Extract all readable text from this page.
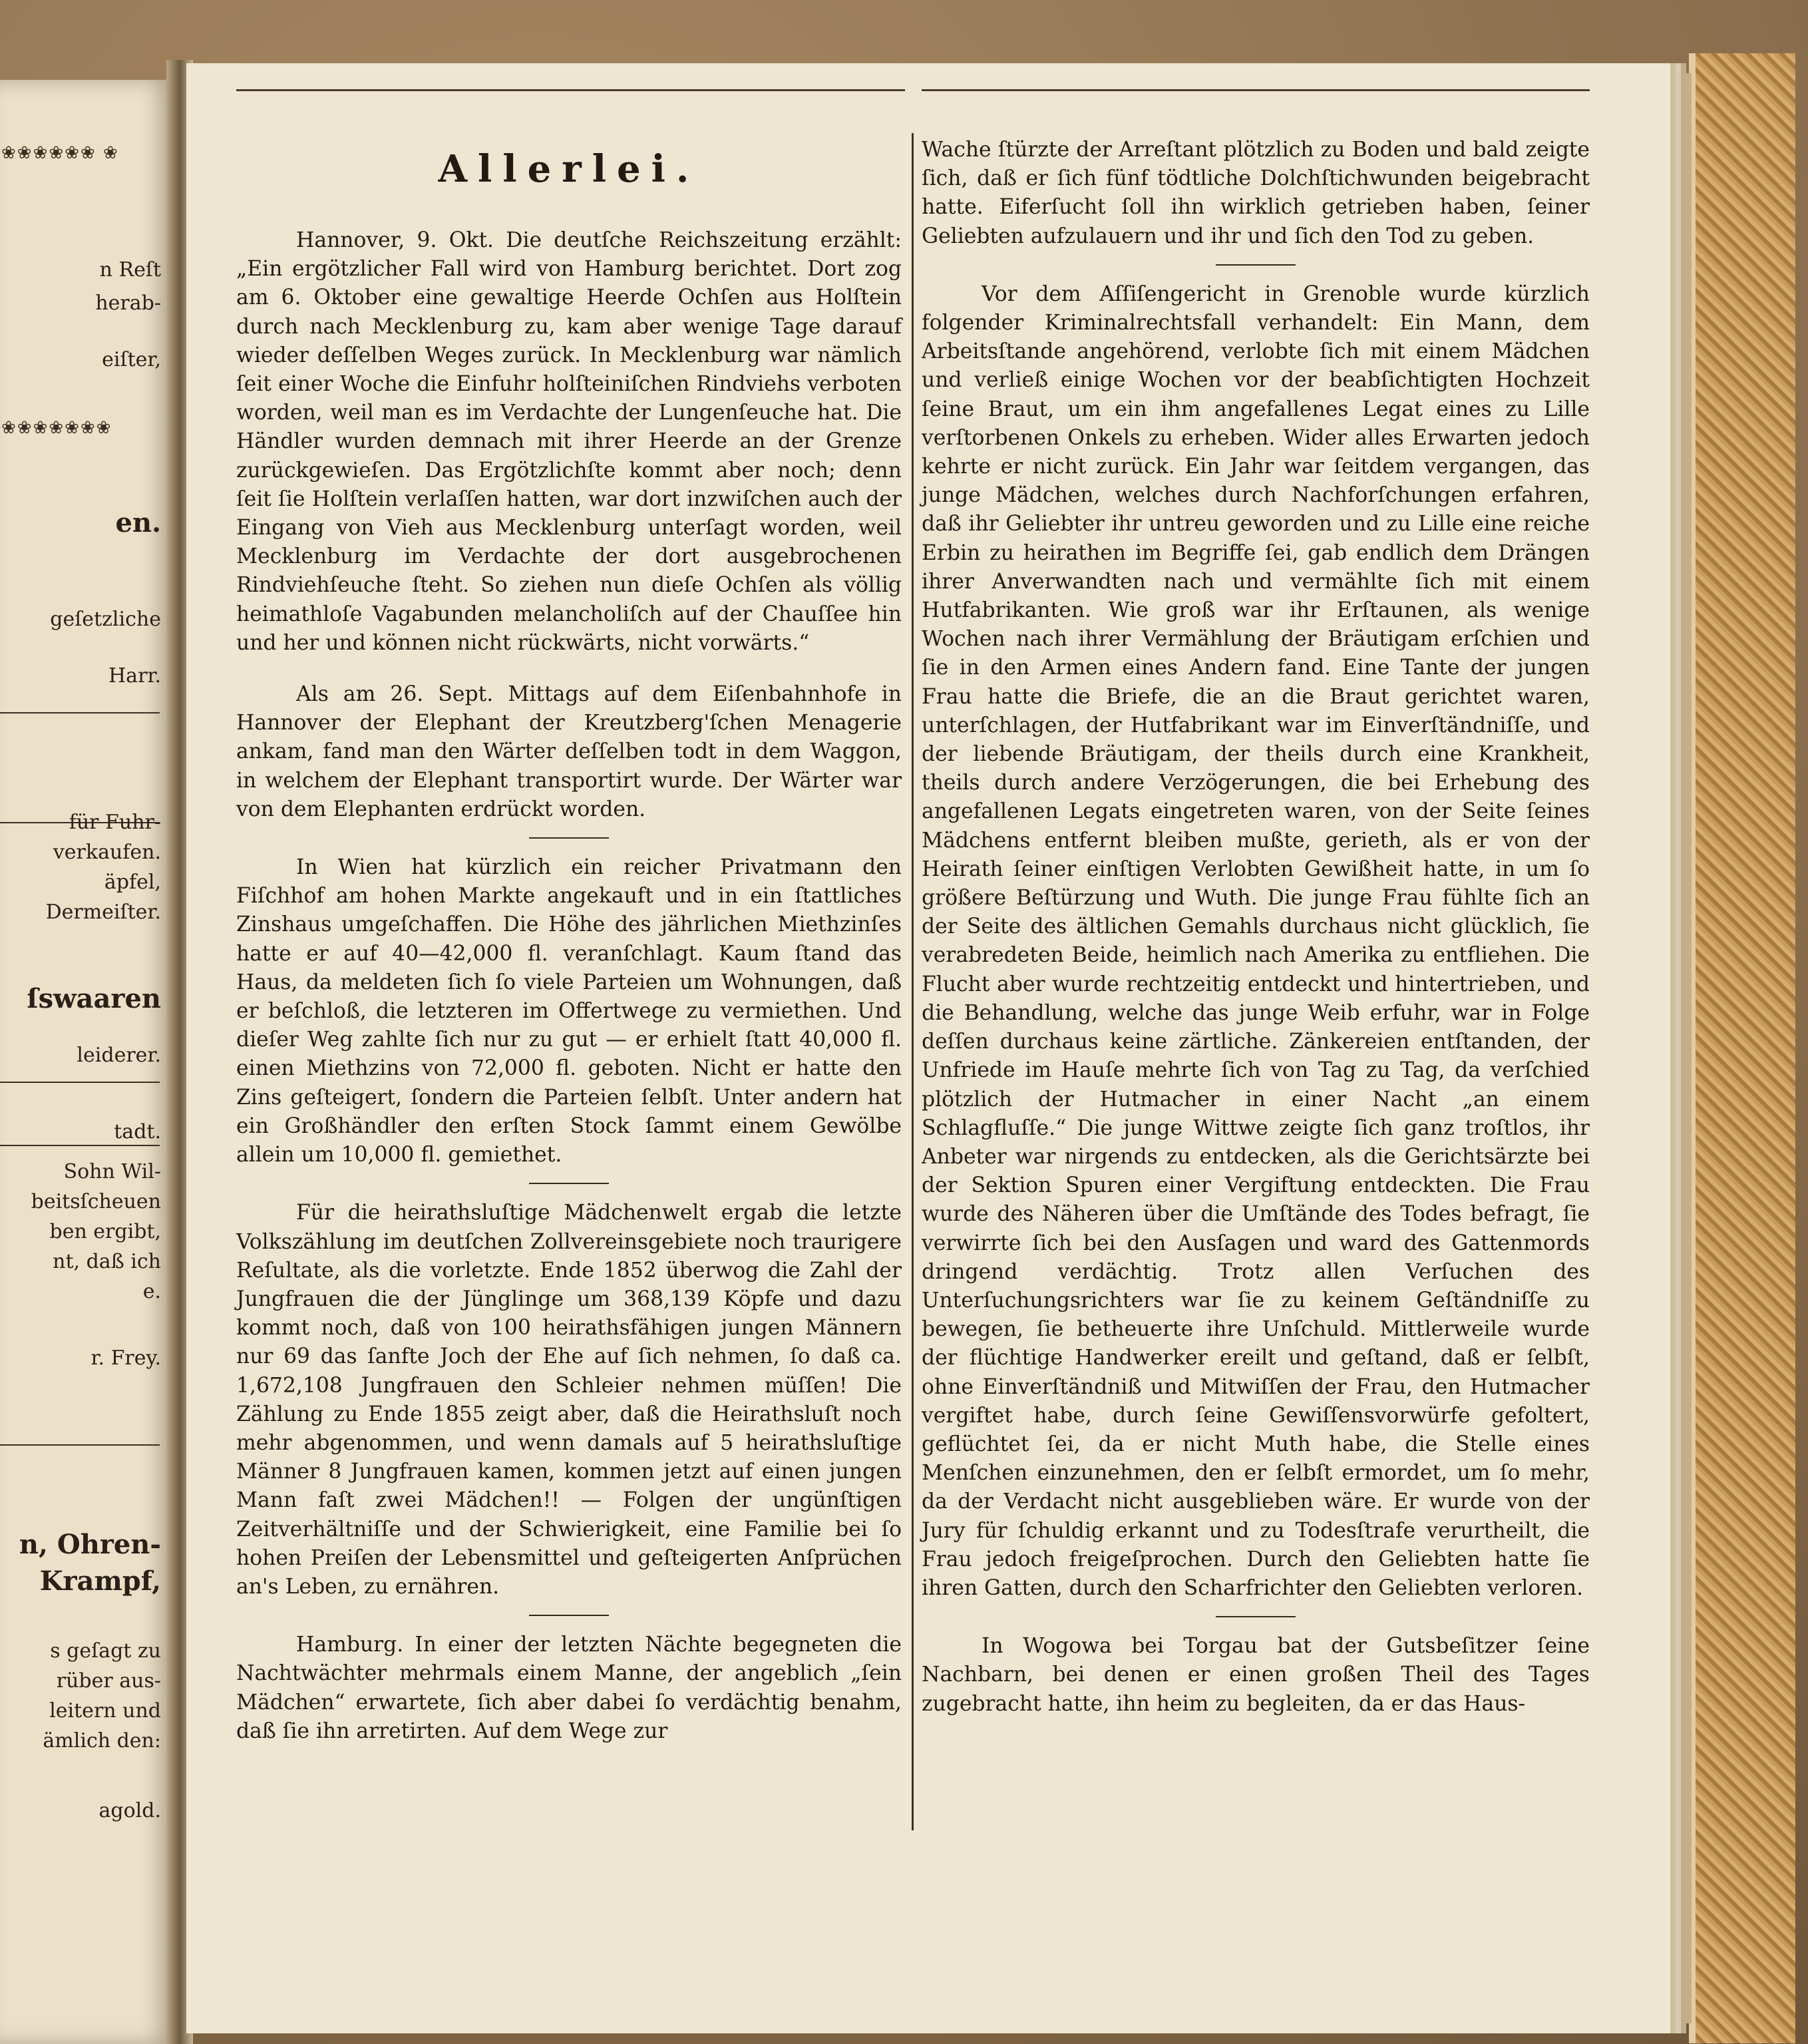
❀❀❀❀❀❀ ❀
❀❀❀❀❀❀❀
n Reſt
herab-
eiſter,
en.
geſetzliche
Harr.
für Fuhr-
verkaufen.
äpfel,
Dermeiſter.
ſswaaren
leiderer.
tadt.
Sohn Wil-
beitsſcheuen
ben ergibt,
nt, daß ich
e.
r. Frey.
n, Ohren-
Krampf,
s geſagt zu
rüber aus-
leitern und
ämlich den:
agold.
Allerlei.

Hannover, 9. Okt. Die deutſche Reichszeitung erzählt: „Ein ergötzlicher Fall wird von Hamburg berichtet. Dort zog am 6. Oktober eine gewaltige Heerde Ochſen aus Holſtein durch nach Mecklenburg zu, kam aber wenige Tage darauf wieder deſſelben Weges zurück. In Mecklenburg war nämlich ſeit einer Woche die Einfuhr holſteiniſchen Rindviehs verboten worden, weil man es im Verdachte der Lungenſeuche hat. Die Händler wurden demnach mit ihrer Heerde an der Grenze zurückgewieſen. Das Ergötzlichſte kommt aber noch; denn ſeit ſie Holſtein verlaſſen hatten, war dort inzwiſchen auch der Eingang von Vieh aus Mecklenburg unterſagt worden, weil Mecklenburg im Verdachte der dort ausgebrochenen Rindviehſeuche ſteht. So ziehen nun dieſe Ochſen als völlig heimathloſe Vagabunden melancholiſch auf der Chauſſee hin und her und können nicht rückwärts, nicht vorwärts.“

Als am 26. Sept. Mittags auf dem Eiſenbahnhofe in Hannover der Elephant der Kreutzberg'ſchen Menagerie ankam, fand man den Wärter deſſelben todt in dem Waggon, in welchem der Elephant transportirt wurde. Der Wärter war von dem Elephanten erdrückt worden.

In Wien hat kürzlich ein reicher Privatmann den Fiſchhof am hohen Markte angekauft und in ein ſtattliches Zinshaus umgeſchaffen. Die Höhe des jährlichen Miethzinſes hatte er auf 40—42,000 fl. veranſchlagt. Kaum ſtand das Haus, da meldeten ſich ſo viele Parteien um Wohnungen, daß er beſchloß, die letzteren im Offertwege zu vermiethen. Und dieſer Weg zahlte ſich nur zu gut — er erhielt ſtatt 40,000 fl. einen Miethzins von 72,000 fl. geboten. Nicht er hatte den Zins geſteigert, ſondern die Parteien ſelbſt. Unter andern hat ein Großhändler den erſten Stock ſammt einem Gewölbe allein um 10,000 fl. gemiethet.

Für die heirathsluſtige Mädchenwelt ergab die letzte Volkszählung im deutſchen Zollvereinsgebiete noch traurigere Reſultate, als die vorletzte. Ende 1852 überwog die Zahl der Jungfrauen die der Jünglinge um 368,139 Köpfe und dazu kommt noch, daß von 100 heirathsfähigen jungen Männern nur 69 das ſanfte Joch der Ehe auf ſich nehmen, ſo daß ca. 1,672,108 Jungfrauen den Schleier nehmen müſſen! Die Zählung zu Ende 1855 zeigt aber, daß die Heirathsluſt noch mehr abgenommen, und wenn damals auf 5 heirathsluſtige Männer 8 Jungfrauen kamen, kommen jetzt auf einen jungen Mann faſt zwei Mädchen!! — Folgen der ungünſtigen Zeitverhältniſſe und der Schwierigkeit, eine Familie bei ſo hohen Preiſen der Lebensmittel und geſteigerten Anſprüchen an's Leben, zu ernähren.

Hamburg. In einer der letzten Nächte begegneten die Nachtwächter mehrmals einem Manne, der angeblich „ſein Mädchen“ erwartete, ſich aber dabei ſo verdächtig benahm, daß ſie ihn arretirten. Auf dem Wege zur

Wache ſtürzte der Arreſtant plötzlich zu Boden und bald zeigte ſich, daß er ſich fünf tödtliche Dolchſtichwunden beigebracht hatte. Eiferſucht ſoll ihn wirklich getrieben haben, ſeiner Geliebten aufzulauern und ihr und ſich den Tod zu geben.

Vor dem Aſſiſengericht in Grenoble wurde kürzlich folgender Kriminalrechtsfall verhandelt: Ein Mann, dem Arbeitsſtande angehörend, verlobte ſich mit einem Mädchen und verließ einige Wochen vor der beabſichtigten Hochzeit ſeine Braut, um ein ihm angefallenes Legat eines zu Lille verſtorbenen Onkels zu erheben. Wider alles Erwarten jedoch kehrte er nicht zurück. Ein Jahr war ſeitdem vergangen, das junge Mädchen, welches durch Nachforſchungen erfahren, daß ihr Geliebter ihr untreu geworden und zu Lille eine reiche Erbin zu heirathen im Begriffe ſei, gab endlich dem Drängen ihrer Anverwandten nach und vermählte ſich mit einem Hutfabrikanten. Wie groß war ihr Erſtaunen, als wenige Wochen nach ihrer Vermählung der Bräutigam erſchien und ſie in den Armen eines Andern fand. Eine Tante der jungen Frau hatte die Briefe, die an die Braut gerichtet waren, unterſchlagen, der Hutfabrikant war im Einverſtändniſſe, und der liebende Bräutigam, der theils durch eine Krankheit, theils durch andere Verzögerungen, die bei Erhebung des angefallenen Legats eingetreten waren, von der Seite ſeines Mädchens entfernt bleiben mußte, gerieth, als er von der Heirath ſeiner einſtigen Verlobten Gewißheit hatte, in um ſo größere Beſtürzung und Wuth. Die junge Frau fühlte ſich an der Seite des ältlichen Gemahls durchaus nicht glücklich, ſie verabredeten Beide, heimlich nach Amerika zu entfliehen. Die Flucht aber wurde rechtzeitig entdeckt und hintertrieben, und die Behandlung, welche das junge Weib erfuhr, war in Folge deſſen durchaus keine zärtliche. Zänkereien entſtanden, der Unfriede im Hauſe mehrte ſich von Tag zu Tag, da verſchied plötzlich der Hutmacher in einer Nacht „an einem Schlagfluſſe.“ Die junge Wittwe zeigte ſich ganz troſtlos, ihr Anbeter war nirgends zu entdecken, als die Gerichtsärzte bei der Sektion Spuren einer Vergiftung entdeckten. Die Frau wurde des Näheren über die Umſtände des Todes befragt, ſie verwirrte ſich bei den Ausſagen und ward des Gattenmords dringend verdächtig. Trotz allen Verſuchen des Unterſuchungsrichters war ſie zu keinem Geſtändniſſe zu bewegen, ſie betheuerte ihre Unſchuld. Mittlerweile wurde der flüchtige Handwerker ereilt und geſtand, daß er ſelbſt, ohne Einverſtändniß und Mitwiſſen der Frau, den Hutmacher vergiftet habe, durch ſeine Gewiſſensvorwürfe gefoltert, geflüchtet ſei, da er nicht Muth habe, die Stelle eines Menſchen einzunehmen, den er ſelbſt ermordet, um ſo mehr, da der Verdacht nicht ausgeblieben wäre. Er wurde von der Jury für ſchuldig erkannt und zu Todesſtrafe verurtheilt, die Frau jedoch freigeſprochen. Durch den Geliebten hatte ſie ihren Gatten, durch den Scharfrichter den Geliebten verloren.

In Wogowa bei Torgau bat der Gutsbeſitzer ſeine Nachbarn, bei denen er einen großen Theil des Tages zugebracht hatte, ihn heim zu begleiten, da er das Haus-
